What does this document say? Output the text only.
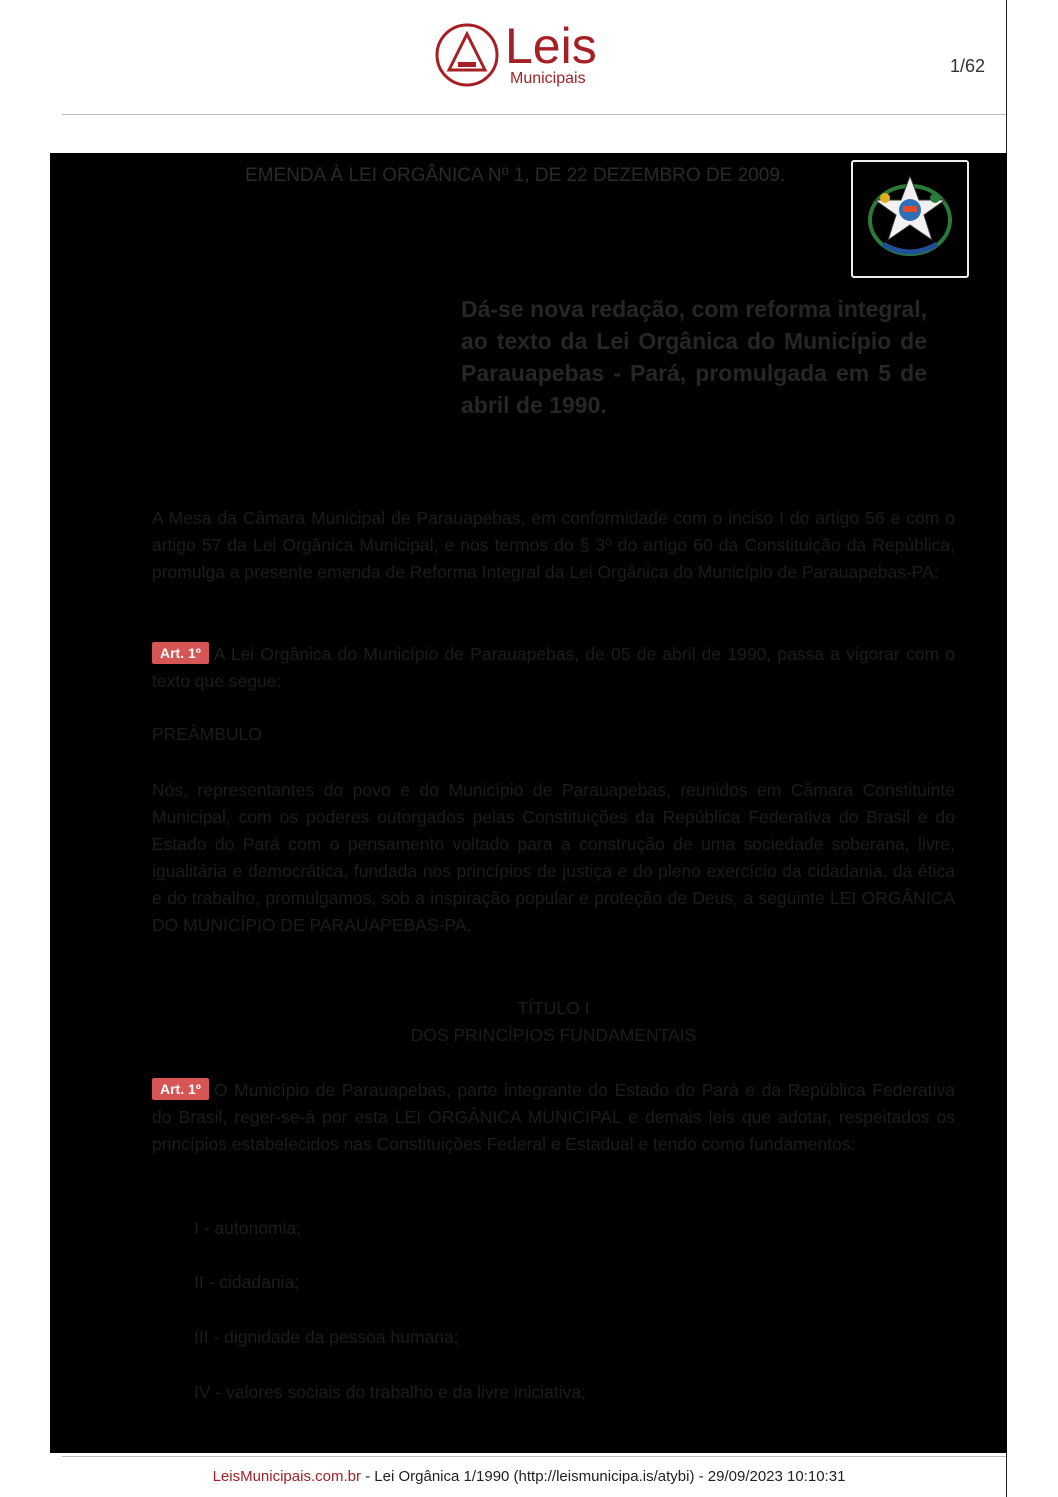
Leis
Municipais
1/62
EMENDA À LEI ORGÂNICA Nº 1, DE 22 DEZEMBRO DE 2009.
Dá-se nova redação, com reforma integral, ao texto da Lei Orgânica do Município de Parauapebas - Pará, promulgada em 5 de abril de 1990.
A Mesa da Câmara Municipal de Parauapebas, em conformidade com o inciso I do artigo 56 e com o artigo 57 da Lei Orgânica Municipal, e nos termos do § 3º do artigo 60 da Constituição da República, promulga a presente emenda de Reforma Integral da Lei Orgânica do Município de Parauapebas-PA:
Art. 1º A Lei Orgânica do Município de Parauapebas, de 05 de abril de 1990, passa a vigorar com o texto que segue:
PREÂMBULO
Nós, representantes do povo e do Município de Parauapebas, reunidos em Câmara Constituinte Municipal, com os poderes outorgados pelas Constituições da República Federativa do Brasil e do Estado do Pará com o pensamento voltado para a construção de uma sociedade soberana, livre, igualitária e democrática, fundada nos princípios de justiça e do pleno exercício da cidadania, da ética e do trabalho, promulgamos, sob a inspiração popular e proteção de Deus, a seguinte LEI ORGÂNICA DO MUNICÍPIO DE PARAUAPEBAS-PA.
TÍTULO I
DOS PRINCÍPIOS FUNDAMENTAIS
Art. 1º O Município de Parauapebas, parte integrante do Estado do Pará e da República Federativa do Brasil, reger-se-á por esta LEI ORGÂNICA MUNICIPAL e demais leis que adotar, respeitados os princípios estabelecidos nas Constituições Federal e Estadual e tendo como fundamentos:
I - autonomia;
II - cidadania;
III - dignidade da pessoa humana;
IV - valores sociais do trabalho e da livre iniciativa;
LeisMunicipais.com.br - Lei Orgânica 1/1990 (http://leismunicipa.is/atybi) - 29/09/2023 10:10:31
